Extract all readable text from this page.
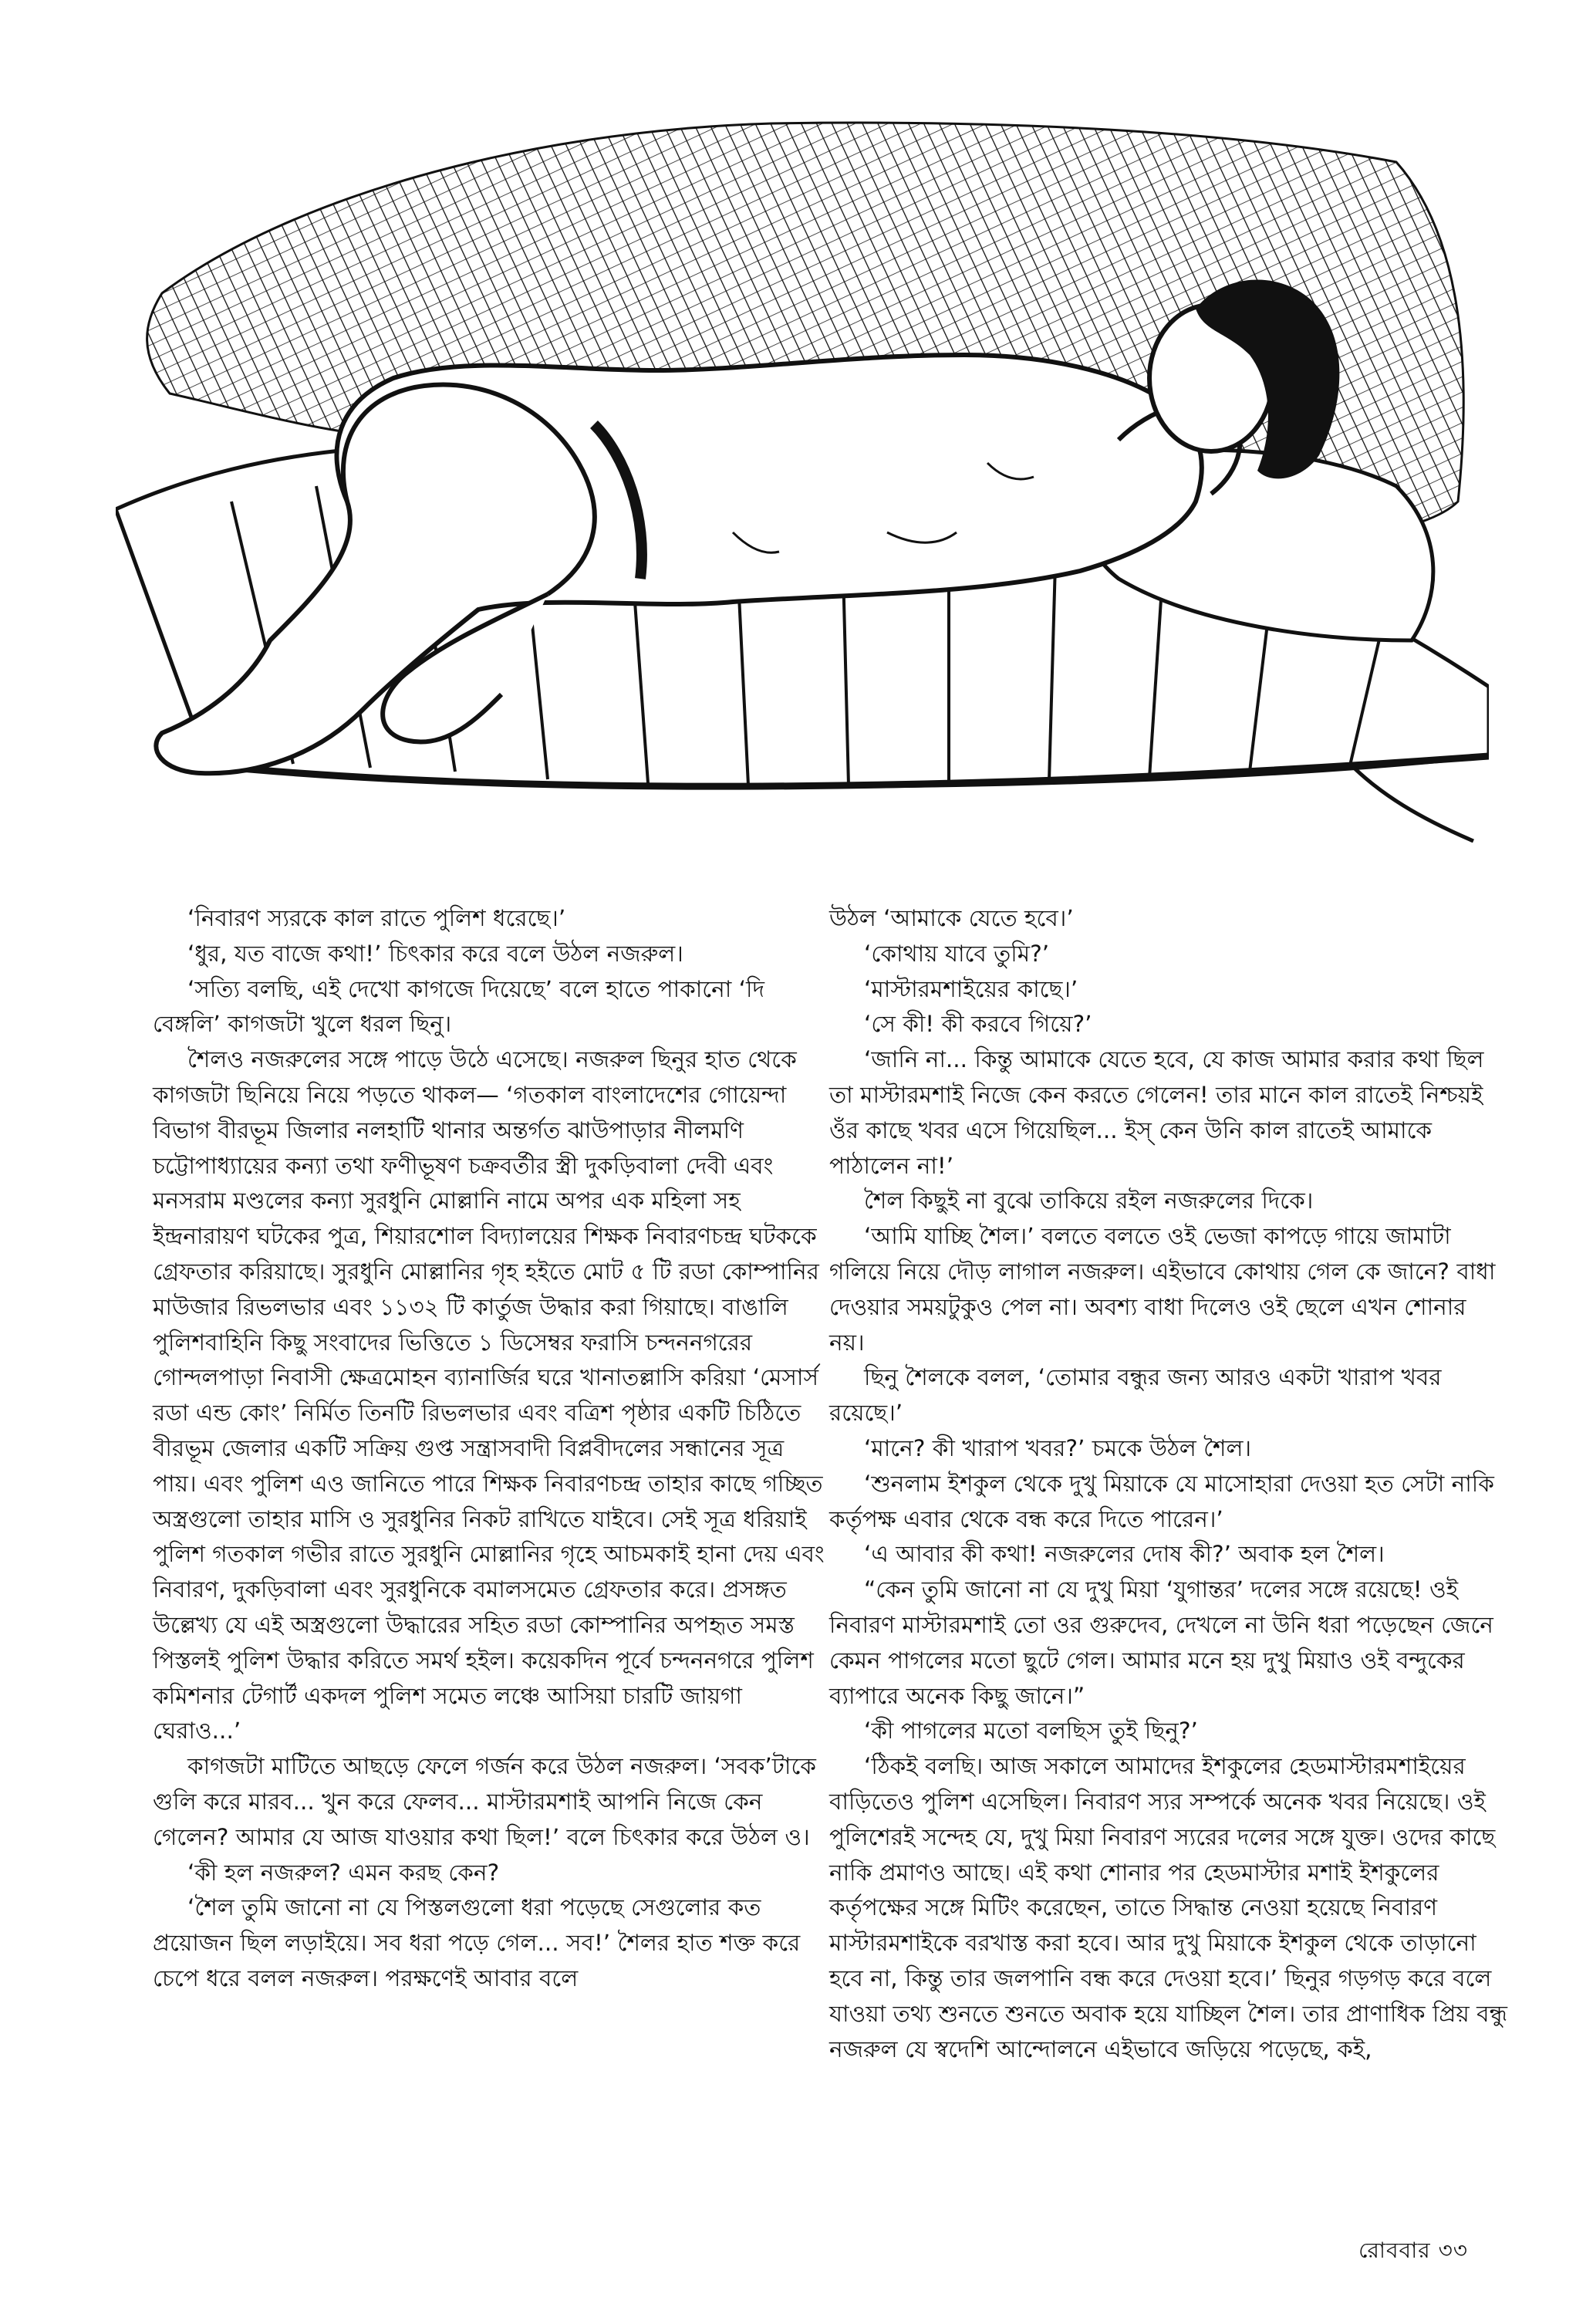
‘নিবারণ স্যরকে কাল রাতে পুলিশ ধরেছে।’

‘ধুর, যত বাজে কথা!’ চিৎকার করে বলে উঠল নজরুল।

‘সত্যি বলছি, এই দেখো কাগজে দিয়েছে’ বলে হাতে পাকানো ‘দি বেঙ্গলি’ কাগজটা খুলে ধরল ছিনু।

শৈলও নজরুলের সঙ্গে পাড়ে উঠে এসেছে। নজরুল ছিনুর হাত থেকে কাগজটা ছিনিয়ে নিয়ে পড়তে থাকল— ‘গতকাল বাংলাদেশের গোয়েন্দা বিভাগ বীরভূম জিলার নলহাটি থানার অন্তর্গত ঝাউপাড়ার নীলমণি চট্টোপাধ্যায়ের কন্যা তথা ফণীভূষণ চক্রবর্তীর স্ত্রী দুকড়িবালা দেবী এবং মনসরাম মণ্ডলের কন্যা সুরধুনি মোল্লানি নামে অপর এক মহিলা সহ ইন্দ্রনারায়ণ ঘটকের পুত্র, শিয়ারশোল বিদ্যালয়ের শিক্ষক নিবারণচন্দ্র ঘটককে গ্রেফতার করিয়াছে। সুরধুনি মোল্লানির গৃহ হইতে মোট ৫ টি রডা কোম্পানির মাউজার রিভলভার এবং ১১৩২ টি কার্তুজ উদ্ধার করা গিয়াছে। বাঙালি পুলিশবাহিনি কিছু সংবাদের ভিত্তিতে ১ ডিসেম্বর ফরাসি চন্দননগরের গোন্দলপাড়া নিবাসী ক্ষেত্রমোহন ব্যানার্জির ঘরে খানাতল্লাসি করিয়া ‘মেসার্স রডা এন্ড কোং’ নির্মিত তিনটি রিভলভার এবং বত্রিশ পৃষ্ঠার একটি চিঠিতে বীরভূম জেলার একটি সক্রিয় গুপ্ত সন্ত্রাসবাদী বিপ্লবীদলের সন্ধানের সূত্র পায়। এবং পুলিশ এও জানিতে পারে শিক্ষক নিবারণচন্দ্র তাহার কাছে গচ্ছিত অস্ত্রগুলো তাহার মাসি ও সুরধুনির নিকট রাখিতে যাইবে। সেই সূত্র ধরিয়াই পুলিশ গতকাল গভীর রাতে সুরধুনি মোল্লানির গৃহে আচমকাই হানা দেয় এবং নিবারণ, দুকড়িবালা এবং সুরধুনিকে বমালসমেত গ্রেফতার করে। প্রসঙ্গত উল্লেখ্য যে এই অস্ত্রগুলো উদ্ধারের সহিত রডা কোম্পানির অপহৃত সমস্ত পিস্তলই পুলিশ উদ্ধার করিতে সমর্থ হইল। কয়েকদিন পূর্বে চন্দননগরে পুলিশ কমিশনার টেগার্ট একদল পুলিশ সমেত লঞ্চে আসিয়া চারটি জায়গা ঘেরাও...’

কাগজটা মাটিতে আছড়ে ফেলে গর্জন করে উঠল নজরুল। ‘সবক’টাকে গুলি করে মারব... খুন করে ফেলব... মাস্টারমশাই আপনি নিজে কেন গেলেন? আমার যে আজ যাওয়ার কথা ছিল!’ বলে চিৎকার করে উঠল ও।

‘কী হল নজরুল? এমন করছ কেন?

‘শৈল তুমি জানো না যে পিস্তলগুলো ধরা পড়েছে সেগুলোর কত প্রয়োজন ছিল লড়াইয়ে। সব ধরা পড়ে গেল... সব!’ শৈলর হাত শক্ত করে চেপে ধরে বলল নজরুল। পরক্ষণেই আবার বলে

উঠল ‘আমাকে যেতে হবে।’

‘কোথায় যাবে তুমি?’

‘মাস্টারমশাইয়ের কাছে।’

‘সে কী! কী করবে গিয়ে?’

‘জানি না... কিন্তু আমাকে যেতে হবে, যে কাজ আমার করার কথা ছিল তা মাস্টারমশাই নিজে কেন করতে গেলেন! তার মানে কাল রাতেই নিশ্চয়ই ওঁর কাছে খবর এসে গিয়েছিল... ইস্ কেন উনি কাল রাতেই আমাকে পাঠালেন না!’

শৈল কিছুই না বুঝে তাকিয়ে রইল নজরুলের দিকে।

‘আমি যাচ্ছি শৈল।’ বলতে বলতে ওই ভেজা কাপড়ে গায়ে জামাটা গলিয়ে নিয়ে দৌড় লাগাল নজরুল। এইভাবে কোথায় গেল কে জানে? বাধা দেওয়ার সময়টুকুও পেল না। অবশ্য বাধা দিলেও ওই ছেলে এখন শোনার নয়।

ছিনু শৈলকে বলল, ‘তোমার বন্ধুর জন্য আরও একটা খারাপ খবর রয়েছে।’

‘মানে? কী খারাপ খবর?’ চমকে উঠল শৈল।

‘শুনলাম ইশকুল থেকে দুখু মিয়াকে যে মাসোহারা দেওয়া হত সেটা নাকি কর্তৃপক্ষ এবার থেকে বন্ধ করে দিতে পারেন।’

‘এ আবার কী কথা! নজরুলের দোষ কী?’ অবাক হল শৈল।

“কেন তুমি জানো না যে দুখু মিয়া ‘যুগান্তর’ দলের সঙ্গে রয়েছে! ওই নিবারণ মাস্টারমশাই তো ওর গুরুদেব, দেখলে না উনি ধরা পড়েছেন জেনে কেমন পাগলের মতো ছুটে গেল। আমার মনে হয় দুখু মিয়াও ওই বন্দুকের ব্যাপারে অনেক কিছু জানে।”

‘কী পাগলের মতো বলছিস তুই ছিনু?’

‘ঠিকই বলছি। আজ সকালে আমাদের ইশকুলের হেডমাস্টারমশাইয়ের বাড়িতেও পুলিশ এসেছিল। নিবারণ স্যর সম্পর্কে অনেক খবর নিয়েছে। ওই পুলিশেরই সন্দেহ যে, দুখু মিয়া নিবারণ স্যরের দলের সঙ্গে যুক্ত। ওদের কাছে নাকি প্রমাণও আছে। এই কথা শোনার পর হেডমাস্টার মশাই ইশকুলের কর্তৃপক্ষের সঙ্গে মিটিং করেছেন, তাতে সিদ্ধান্ত নেওয়া হয়েছে নিবারণ মাস্টারমশাইকে বরখাস্ত করা হবে। আর দুখু মিয়াকে ইশকুল থেকে তাড়ানো হবে না, কিন্তু তার জলপানি বন্ধ করে দেওয়া হবে।’ ছিনুর গড়গড় করে বলে যাওয়া তথ্য শুনতে শুনতে অবাক হয়ে যাচ্ছিল শৈল। তার প্রাণাধিক প্রিয় বন্ধু নজরুল যে স্বদেশি আন্দোলনে এইভাবে জড়িয়ে পড়েছে, কই,

রোববার ৩৩
